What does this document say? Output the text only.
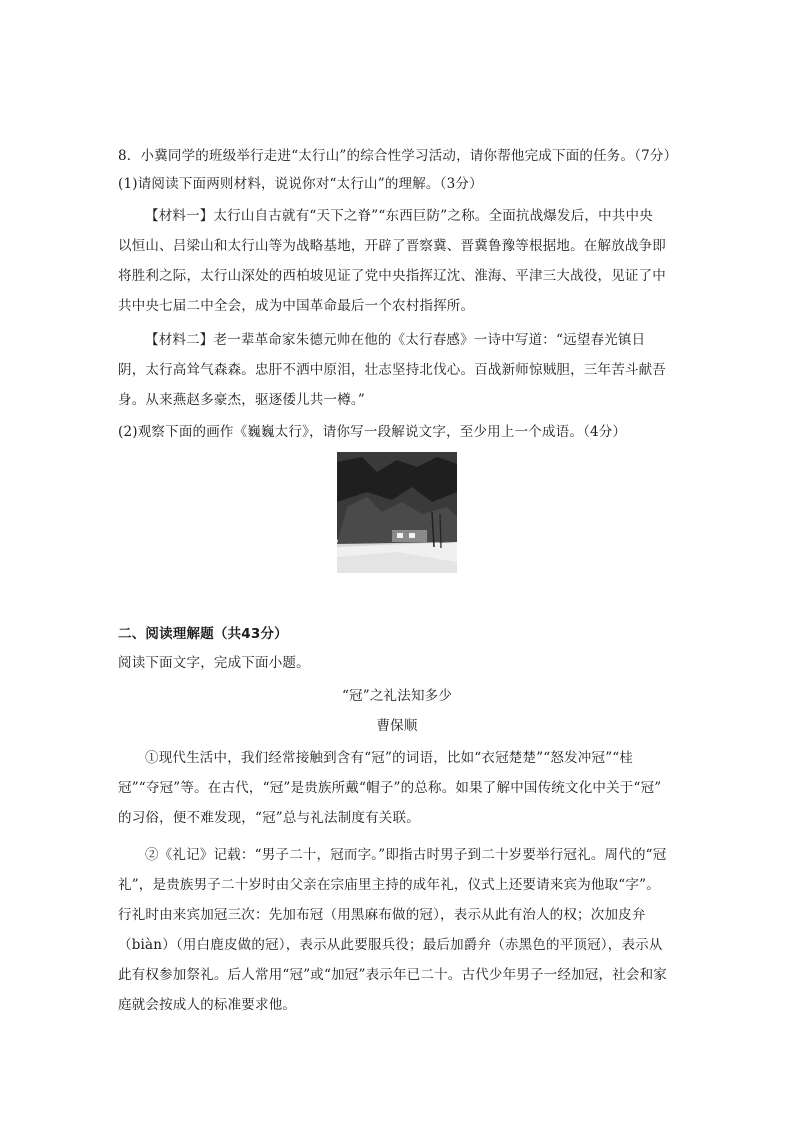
8．小冀同学的班级举行走进“太行山”的综合性学习活动，请你帮他完成下面的任务。（7分）
(1)请阅读下面两则材料，说说你对“太行山”的理解。（3分）
【材料一】太行山自古就有“天下之脊”“东西巨防”之称。全面抗战爆发后，中共中央
以恒山、吕梁山和太行山等为战略基地，开辟了晋察冀、晋冀鲁豫等根据地。在解放战争即
将胜利之际，太行山深处的西柏坡见证了党中央指挥辽沈、淮海、平津三大战役，见证了中
共中央七届二中全会，成为中国革命最后一个农村指挥所。
【材料二】老一辈革命家朱德元帅在他的《太行春感》一诗中写道：“远望春光镇日
阴，太行高耸气森森。忠肝不洒中原泪，壮志坚持北伐心。百战新师惊贼胆，三年苦斗献吾
身。从来燕赵多豪杰，驱逐倭儿共一樽。”
(2)观察下面的画作《巍巍太行》，请你写一段解说文字，至少用上一个成语。（4分）
二、阅读理解题（共43分）
阅读下面文字，完成下面小题。
“冠”之礼法知多少
曹保顺
①现代生活中，我们经常接触到含有“冠”的词语，比如“衣冠楚楚”“怒发冲冠”“桂
冠”“夺冠”等。在古代，“冠”是贵族所戴“帽子”的总称。如果了解中国传统文化中关于“冠”
的习俗，便不难发现，“冠”总与礼法制度有关联。
②《礼记》记载：“男子二十，冠而字。”即指古时男子到二十岁要举行冠礼。周代的“冠
礼”，是贵族男子二十岁时由父亲在宗庙里主持的成年礼，仪式上还要请来宾为他取“字”。
行礼时由来宾加冠三次：先加布冠（用黑麻布做的冠），表示从此有治人的权；次加皮弁
（biàn）（用白鹿皮做的冠），表示从此要服兵役；最后加爵弁（赤黑色的平顶冠），表示从
此有权参加祭礼。后人常用“冠”或“加冠”表示年已二十。古代少年男子一经加冠，社会和家
庭就会按成人的标准要求他。
